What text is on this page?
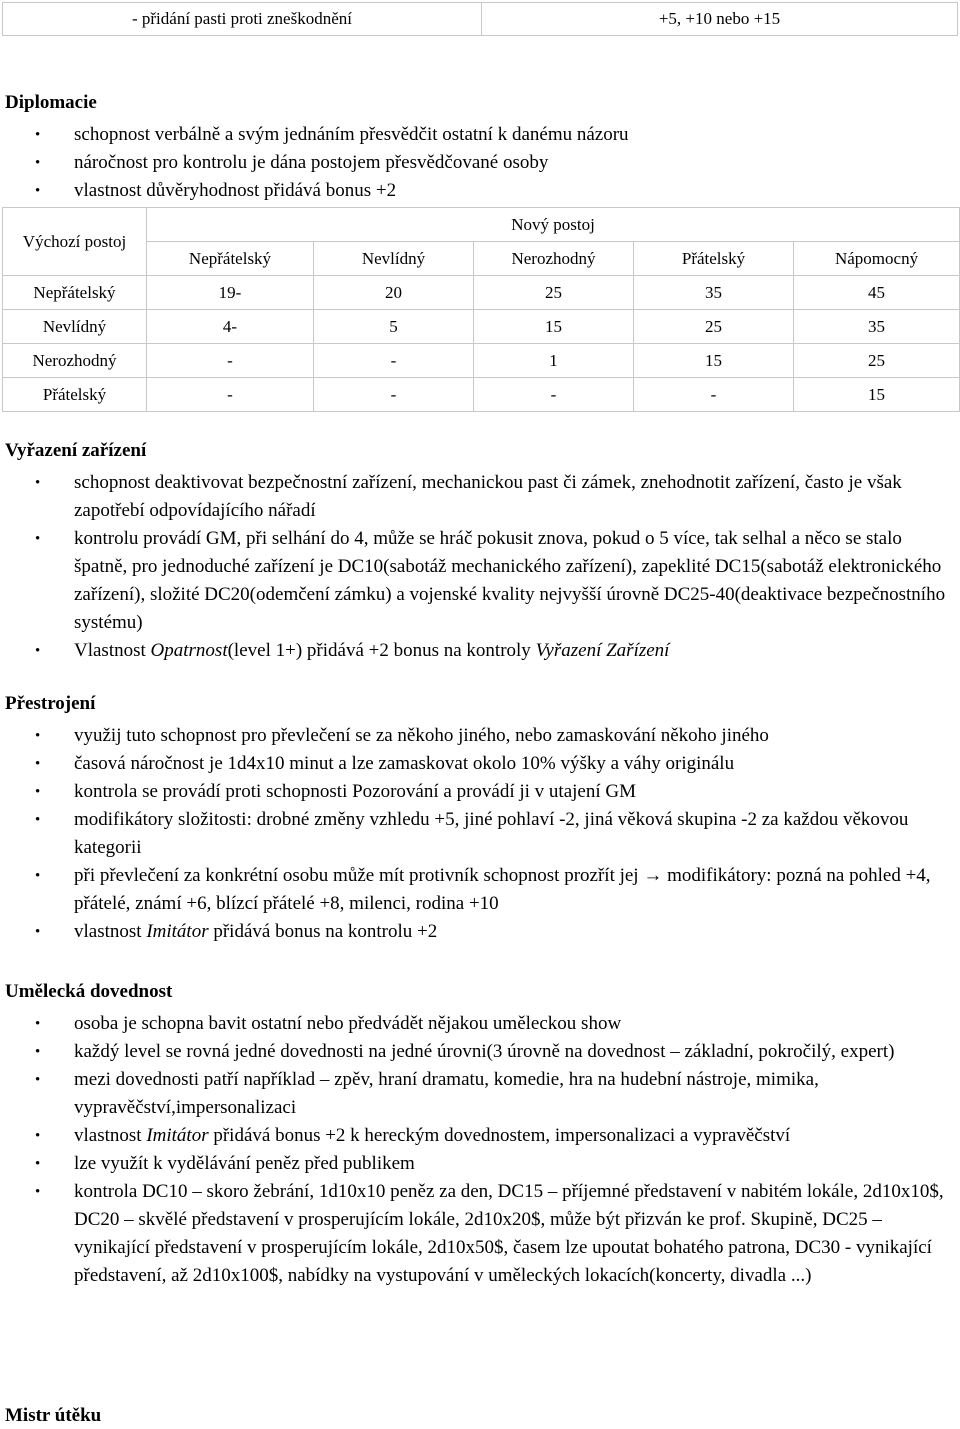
- přidání pasti proti zneškodnění	+5, +10 nebo +15
Diplomacie
• schopnost verbálně a svým jednáním přesvědčit ostatní k danému názoru
• náročnost pro kontrolu je dána postojem přesvědčované osoby
• vlastnost důvěryhodnost přidává bonus +2
Výchozí postoj	Nový postoj				
	Nepřátelský	Nevlídný	Nerozhodný	Přátelský	Nápomocný
Nepřátelský	19-	20	25	35	45
Nevlídný	4-	5	15	25	35
Nerozhodný	-	-	1	15	25
Přátelský	-	-	-	-	15
Vyřazení zařízení
• schopnost deaktivovat bezpečnostní zařízení, mechanickou past či zámek, znehodnotit zařízení, často je však zapotřebí odpovídajícího nářadí
• kontrolu provádí GM, při selhání do 4, může se hráč pokusit znova, pokud o 5 více, tak selhal a něco se stalo špatně, pro jednoduché zařízení je DC10(sabotáž mechanického zařízení), zapeklité DC15(sabotáž elektronického zařízení), složité DC20(odemčení zámku) a vojenské kvality nejvyšší úrovně DC25-40(deaktivace bezpečnostního systému)
• Vlastnost Opatrnost(level 1+) přidává +2 bonus na kontroly Vyřazení Zařízení
Přestrojení
• využij tuto schopnost pro převlečení se za někoho jiného, nebo zamaskování někoho jiného
• časová náročnost je 1d4x10 minut a lze zamaskovat okolo 10% výšky a váhy originálu
• kontrola se provádí proti schopnosti Pozorování a provádí ji v utajení GM
• modifikátory složitosti: drobné změny vzhledu +5, jiné pohlaví -2, jiná věková skupina -2 za každou věkovou kategorii
• při převlečení za konkrétní osobu může mít protivník schopnost prozřít jej → modifikátory: pozná na pohled +4, přátelé, známí +6, blízcí přátelé +8, milenci, rodina +10
• vlastnost Imitátor přidává bonus na kontrolu +2
Umělecká dovednost
• osoba je schopna bavit ostatní nebo předvádět nějakou uměleckou show
• každý level se rovná jedné dovednosti na jedné úrovni(3 úrovně na dovednost – základní, pokročilý, expert)
• mezi dovednosti patří například – zpěv, hraní dramatu, komedie, hra na hudební nástroje, mimika, vypravěčství,impersonalizaci
• vlastnost Imitátor přidává bonus +2 k hereckým dovednostem, impersonalizaci a vypravěčství
• lze využít k vydělávání peněz před publikem
• kontrola DC10 – skoro žebrání, 1d10x10 peněz za den, DC15 – příjemné představení v nabitém lokále, 2d10x10$, DC20 – skvělé představení v prosperujícím lokále, 2d10x20$, může být přizván ke prof. Skupině, DC25 – vynikající představení v prosperujícím lokále, 2d10x50$, časem lze upoutat bohatého patrona, DC30 - vynikající představení, až 2d10x100$, nabídky na vystupování v uměleckých lokacích(koncerty, divadla ...)
Mistr útěku
